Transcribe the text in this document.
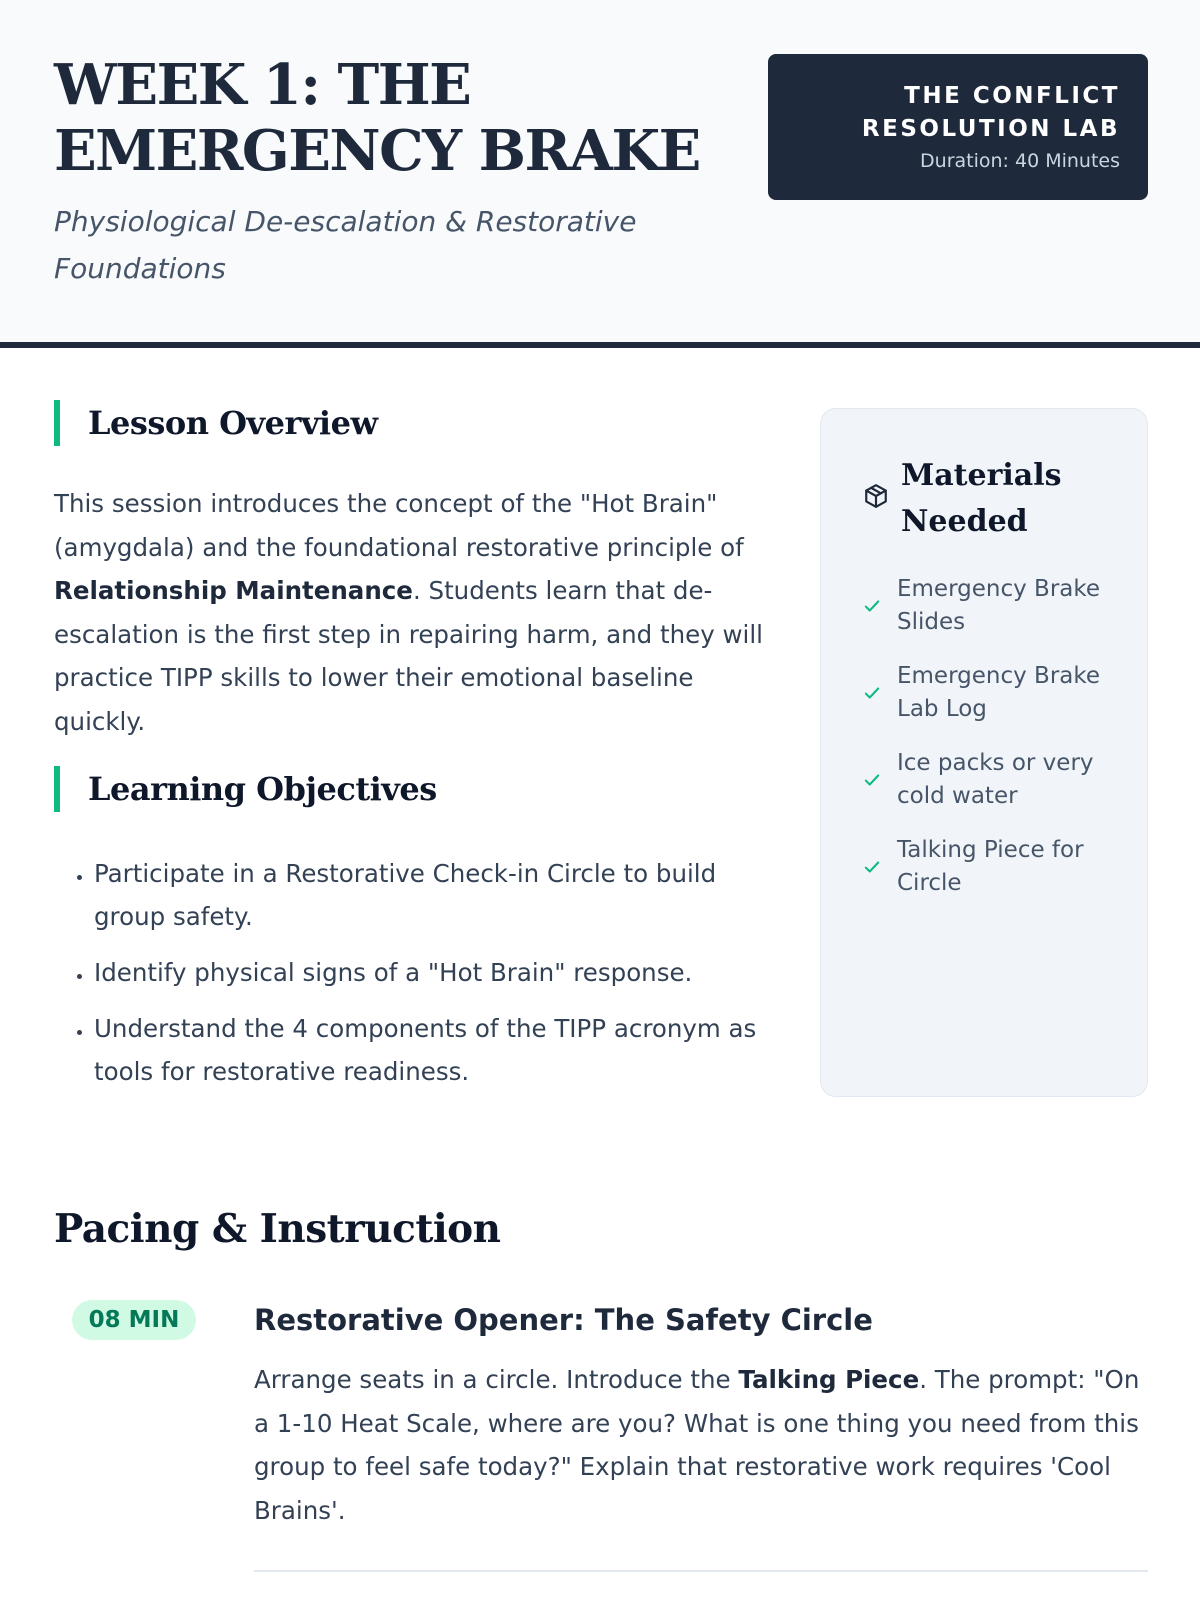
WEEK 1: THE EMERGENCY BRAKE
Physiological De-escalation & Restorative Foundations
THE CONFLICT RESOLUTION LAB
Duration: 40 Minutes
Lesson Overview

This session introduces the concept of the "Hot Brain" (amygdala) and the foundational restorative principle of Relationship Maintenance. Students learn that de-escalation is the first step in repairing harm, and they will practice TIPP skills to lower their emotional baseline quickly.

Learning Objectives
• Participate in a Restorative Check-in Circle to build group safety.
• Identify physical signs of a "Hot Brain" response.
• Understand the 4 components of the TIPP acronym as tools for restorative readiness.
Materials
Needed
Emergency Brake Slides
Emergency Brake Lab Log
Ice packs or very cold water
Talking Piece for Circle
Pacing & Instruction
08 MIN	Restorative Opener: The Safety Circle

Arrange seats in a circle. Introduce the Talking Piece. The prompt: "On a 1-10 Heat Scale, where are you? What is one thing you need from this group to feel safe today?" Explain that restorative work requires 'Cool Brains'.
